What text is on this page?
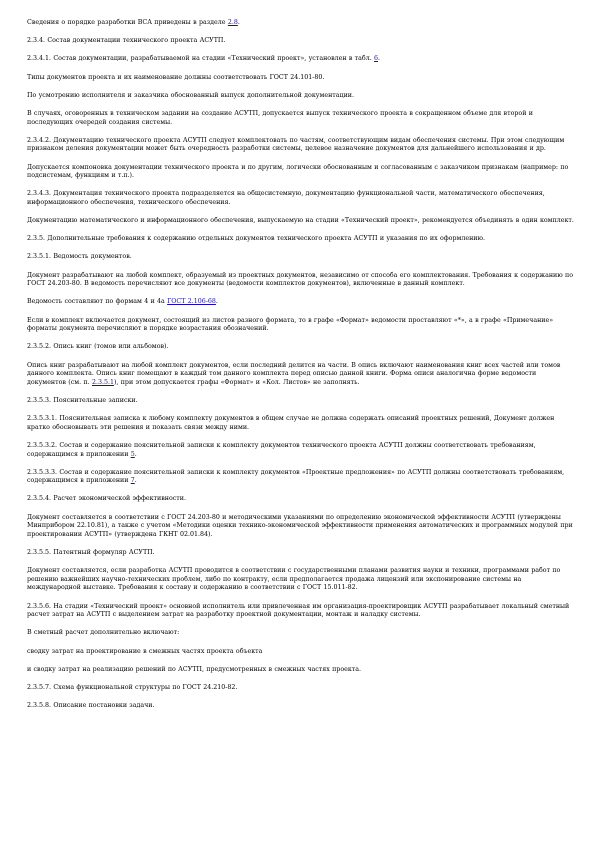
Сведения о порядке разработки ВСА приведены в разделе 2.8.

2.3.4. Состав документации технического проекта АСУТП.

2.3.4.1. Состав документации, разрабатываемой на стадии «Технический проект», установлен в табл. 6.

Типы документов проекта и их наименование должны соответствовать ГОСТ 24.101-80.

По усмотрению исполнителя и заказчика обоснованный выпуск дополнительной документации.

В случаях, оговоренных в техническом задании на создание АСУТП, допускается выпуск технического проекта в сокращенном объеме для второй и последующих очередей создания системы.

2.3.4.2. Документацию технического проекта АСУТП следует комплектовать по частям, соответствующим видам обеспечения системы. При этом следующим признаком деления документации может быть очередность разработки системы, целевое назначение документов для дальнейшего использования и др.

Допускается компоновка документации технического проекта и по другим, логически обоснованным и согласованным с заказчиком признакам (например: по подсистемам, функциям и т.п.).

2.3.4.3. Документация технического проекта подразделяется на общесистемную, документацию функциональной части, математического обеспечения, информационного обеспечения, технического обеспечения.

Документацию математического и информационного обеспечения, выпускаемую на стадии «Технический проект», рекомендуется объединять в один комплект.

2.3.5. Дополнительные требования к содержанию отдельных документов технического проекта АСУТП и указания по их оформлению.

2.3.5.1. Ведомость документов.

Документ разрабатывают на любой комплект, образуемый из проектных документов, независимо от способа его комплектования. Требования к содержанию по ГОСТ 24.203-80. В ведомость перечисляют все документы (ведомости комплектов документов), включенные в данный комплект.

Ведомость составляют по формам 4 и 4а ГОСТ 2.106-68.

Если в комплект включается документ, состоящий из листов разного формата, то в графе «Формат» ведомости проставляют «*», а в графе «Примечание» форматы документа перечисляют в порядке возрастания обозначений.

2.3.5.2. Опись книг (томов или альбомов).

Опись книг разрабатывают на любой комплект документов, если последний делится на части. В опись включают наименования книг всех частей или томов данного комплекта. Опись книг помещают в каждый том данного комплекта перед описью данной книги. Форма описи аналогична форме ведомости документов (см. п. 2.3.5.1), при этом допускается графы «Формат» и «Кол. Листов» не заполнять.

2.3.5.3. Пояснительные записки.

2.3.5.3.1. Пояснительная записка к любому комплекту документов в общем случае не должна содержать описаний проектных решений, Документ должен кратко обосновывать эти решения и показать связи между ними.

2.3.5.3.2. Состав и содержание пояснительной записки к комплекту документов технического проекта АСУТП должны соответствовать требованиям, содержащимся в приложении 5.

2.3.5.3.3. Состав и содержание пояснительной записки к комплекту документов «Проектные предложения» по АСУТП должны соответствовать требованиям, содержащимся в приложении 7.

2.3.5.4. Расчет экономической эффективности.

Документ составляется в соответствии с ГОСТ 24.203-80 и методическими указаниями по определению экономической эффективности АСУТП (утверждены Минприбором 22.10.81), а также с учетом «Методики оценки технико-экономической эффективности применения автоматических и программных модулей при проектировании АСУТП» (утверждена ГКНТ 02.01.84).

2.3.5.5. Патентный формуляр АСУТП.

Документ составляется, если разработка АСУТП проводится в соответствии с государственными планами развития науки и техники, программами работ по решению важнейших научно-технических проблем, либо по контракту, если предполагается продажа лицензий или экспонирование системы на международной выставке. Требования к составу и содержанию в соответствии с ГОСТ 15.011-82.

2.3.5.6. На стадии «Технический проект» основной исполнитель или привлеченная им организация-проектировщик АСУТП разрабатывает локальный сметный расчет затрат на АСУТП с выделением затрат на разработку проектной документации, монтаж и наладку системы.

В сметный расчет дополнительно включают:

сводку затрат на проектирование в смежных частях проекта объекта

и сводку затрат на реализацию решений по АСУТП, предусмотренных в смежных частях проекта.

2.3.5.7. Схема функциональной структуры по ГОСТ 24.210-82.

2.3.5.8. Описание постановки задачи.
